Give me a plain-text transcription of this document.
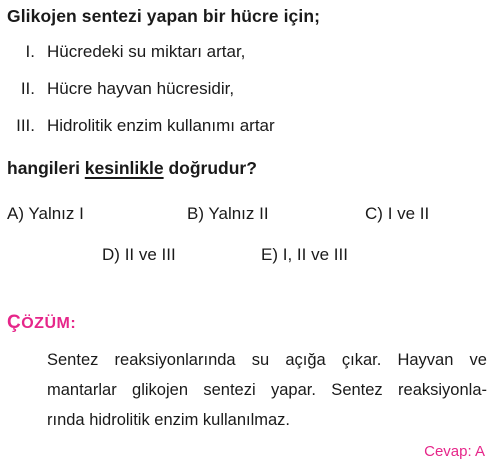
Glikojen sentezi yapan bir hücre için;
I. Hücredeki su miktarı artar,
II. Hücre hayvan hücresidir,
III. Hidrolitik enzim kullanımı artar
hangileri kesinlikle doğrudur?
A) Yalnız I	B) Yalnız II	C) I ve II
D) II ve III	E) I, II ve III
ÇÖZÜM:
Sentez reaksiyonlarında su açığa çıkar. Hayvan ve
mantarlar glikojen sentezi yapar. Sentez reaksiyonla-
rında hidrolitik enzim kullanılmaz.
Cevap: A
